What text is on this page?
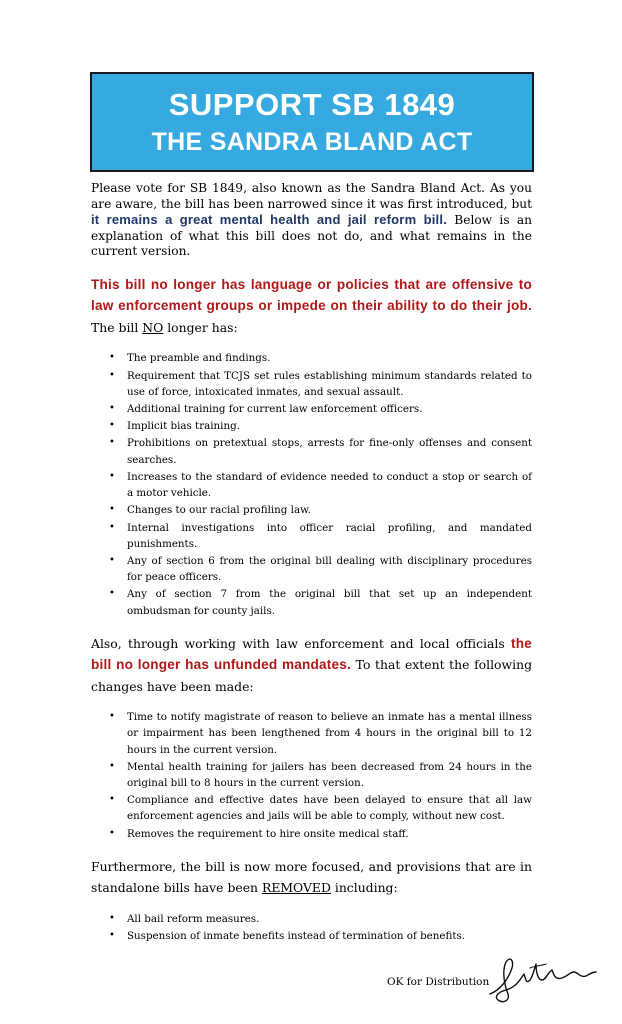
SUPPORT SB 1849
THE SANDRA BLAND ACT

Please vote for SB 1849, also known as the Sandra Bland Act. As you are aware, the bill has been narrowed since it was first introduced, but it remains a great mental health and jail reform bill. Below is an explanation of what this bill does not do, and what remains in the current version.

This bill no longer has language or policies that are offensive to law enforcement groups or impede on their ability to do their job. The bill NO longer has:

• The preamble and findings.
• Requirement that TCJS set rules establishing minimum standards related to use of force, intoxicated inmates, and sexual assault.
• Additional training for current law enforcement officers.
• Implicit bias training.
• Prohibitions on pretextual stops, arrests for fine-only offenses and consent searches.
• Increases to the standard of evidence needed to conduct a stop or search of a motor vehicle.
• Changes to our racial profiling law.
• Internal investigations into officer racial profiling, and mandated punishments.
• Any of section 6 from the original bill dealing with disciplinary procedures for peace officers.
• Any of section 7 from the original bill that set up an independent ombudsman for county jails.

Also, through working with law enforcement and local officials the bill no longer has unfunded mandates. To that extent the following changes have been made:

• Time to notify magistrate of reason to believe an inmate has a mental illness or impairment has been lengthened from 4 hours in the original bill to 12 hours in the current version.
• Mental health training for jailers has been decreased from 24 hours in the original bill to 8 hours in the current version.
• Compliance and effective dates have been delayed to ensure that all law enforcement agencies and jails will be able to comply, without new cost.
• Removes the requirement to hire onsite medical staff.

Furthermore, the bill is now more focused, and provisions that are in standalone bills have been REMOVED including:

• All bail reform measures.
• Suspension of inmate benefits instead of termination of benefits.
OK for Distribution
